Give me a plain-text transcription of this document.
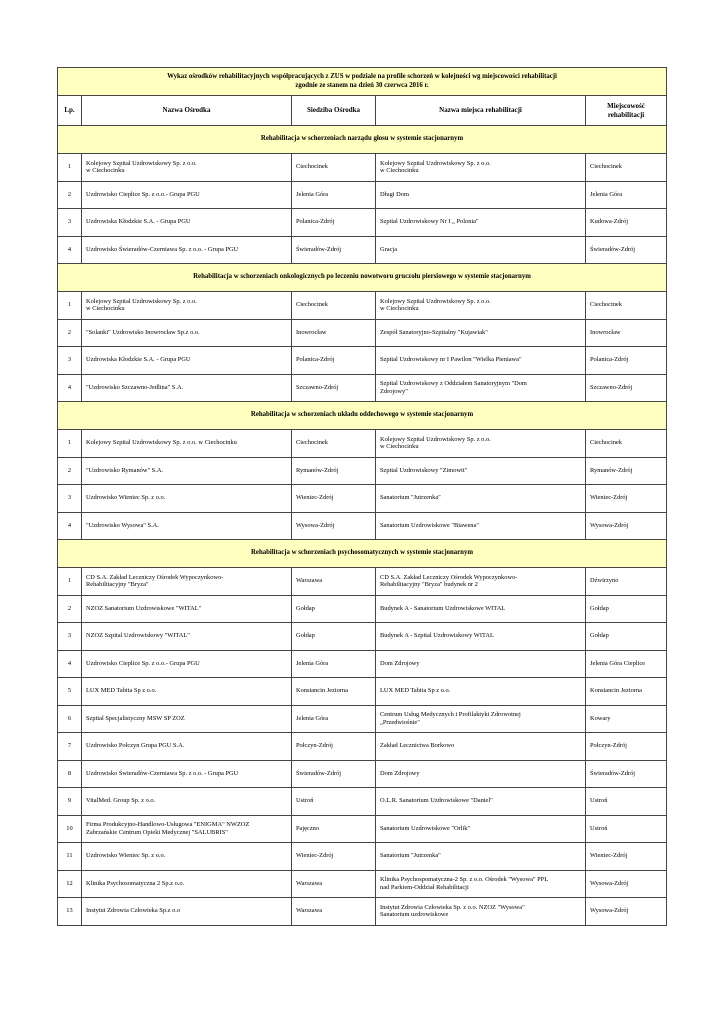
Wykaz ośrodków rehabilitacyjnych współpracujących z ZUS w podziale na profile schorzeń w kolejności wg miejscowości rehabilitacji
zgodnie ze stanem na dzień 30 czerwca 2016 r.				

Lp.	Nazwa Ośrodka	Siedziba Ośrodka	Nazwa miejsca rehabilitacji	Miejscowość rehabilitacji
Rehabilitacja w schorzeniach narządu głosu w systemie stacjonarnym				
1	Kolejowy Szpital Uzdrowiskowy Sp. z o.o.
w Ciechocinku	Ciechocinek	Kolejowy Szpital Uzdrowiskowy Sp. z o.o.
w Ciechocinku	Ciechocinek
2	Uzdrowisko Cieplice Sp. z o.o.- Grupa PGU	Jelenia Góra	Długi Dom	Jelenia Góra
3	Uzdrowiska Kłodzkie S.A. - Grupa PGU	Polanica-Zdrój	Szpital Uzdrowiskowy Nr I „ Polonia"	Kudowa-Zdrój
4	Uzdrowisko Świeradów-Czerniawa Sp. z o.o. - Grupa PGU	Świeradów-Zdrój	Gracja	Świeradów-Zdrój
Rehabilitacja w schorzeniach onkologicznych po leczeniu nowotworu gruczołu piersiowego w systemie stacjonarnym				
1	Kolejowy Szpital Uzdrowiskowy Sp. z o.o.
w Ciechocinku	Ciechocinek	Kolejowy Szpital Uzdrowiskowy Sp. z o.o.
w Ciechocinku	Ciechocinek
2	"Solanki" Uzdrowisko Inowrocław Sp.z o.o.	Inowrocław	Zespół Sanatoryjno-Szpitalny "Kujawiak"	Inowrocław
3	Uzdrowiska Kłodzkie S.A. - Grupa PGU	Polanica-Zdrój	Szpital Uzdrowiskowy nr I Pawilon "Wielka Pieniawa"	Polanica-Zdrój
4	"Uzdrowisko Szczawno-Jedlina" S.A.	Szczawno-Zdrój	Szpital Uzdrowiskowy z Oddziałem Sanatoryjnym "Dom
Zdrojowy"	Szczawno-Zdrój
Rehabilitacja w schorzeniach układu oddechowego w systemie stacjonarnym				
1	Kolejowy Szpital Uzdrowiskowy Sp. z o.o. w Ciechocinku	Ciechocinek	Kolejowy Szpital Uzdrowiskowy Sp. z o.o.
w Ciechocinku	Ciechocinek
2	"Uzdrowisko Rymanów" S.A.	Rymanów-Zdrój	Szpital Uzdrowiskowy "Zimowit"	Rymanów-Zdrój
3	Uzdrowisko Wieniec Sp. z o.o.	Wieniec-Zdrój	Sanatorium "Jutrzenka"	Wieniec-Zdrój
4	"Uzdrowisko Wysowa" S.A.	Wysowa-Zdrój	Sanatorium Uzdrowiskowe "Biawena"	Wysowa-Zdrój
Rehabilitacja w schorzeniach psychosomatycznych w systemie stacjonarnym				
1	CD S.A. Zakład Leczniczy Ośrodek Wypoczynkowo-
Rehabilitacyjny "Bryza"	Warszawa	CD S.A. Zakład Leczniczy Ośrodek Wypoczynkowo-
Rehabilitacyjny "Bryza" budynek nr 2	Dźwirzyno
2	NZOZ Sanatorium Uzdrowiskowe "WITAL"	Gołdap	Budynek A - Sanatorium Uzdrowiskowe WITAL	Gołdap
3	NZOZ Szpital Uzdrowiskowy "WITAL"	Gołdap	Budynek A - Szpital Uzdrowiskowy WITAL	Gołdap
4	Uzdrowisko Cieplice Sp. z o.o.- Grupa PGU	Jelenia Góra	Dom Zdrojowy	Jelenia Góra Cieplice
5	LUX MED Tabita Sp z o.o.	Konstancin Jeziorna	LUX MED Tabita Sp z o.o.	Konstancin Jeziorna
6	Szpital Specjalistyczny MSW SP ZOZ	Jelenia Góra	Centrum Usług Medycznych i Profilaktyki Zdrowotnej
„Przedwiośnie"	Kowary
7	Uzdrowisko Połczyn Grupa PGU S.A.	Połczyn-Zdrój	Zakład Lecznictwa Borkowo	Połczyn-Zdrój
8	Uzdrowisko Świeradów-Czerniawa Sp. z o.o. - Grupa PGU	Świeradów-Zdrój	Dom Zdrojowy	Świeradów-Zdrój
9	VitalMed. Group Sp. z o.o.	Ustroń	O.L.R. Sanatorium Uzdrowiskowe "Daniel"	Ustroń
10	Firma Produkcyjno-Handlowo-Usługowa "ENIGMA" NWZOZ
Zabrzańskie Centrum Opieki Medycznej "SALUBRIS"	Pajęczno	Sanatorium Uzdrowiskowe "Orlik"	Ustroń
11	Uzdrowisko Wieniec Sp. z o.o.	Wieniec-Zdrój	Sanatorium "Jutrzenka"	Wieniec-Zdrój
12	Klinika Psychosomatyczna 2 Sp.z o.o.	Warszawa	Klinika Psychospomatyczna-2 Sp. z o.o. Ośrodek "Wysowa" PPL
nad Parkiem-Oddział Rehabilitacji	Wysowa-Zdrój
13	Instytut Zdrowia Człowieka Sp.z o.o	Warszawa	Instytut Zdrowia Człowieka Sp. z o.o. NZOZ "Wysowa"
Sanatorium uzdrowiskowe	Wysowa-Zdrój
